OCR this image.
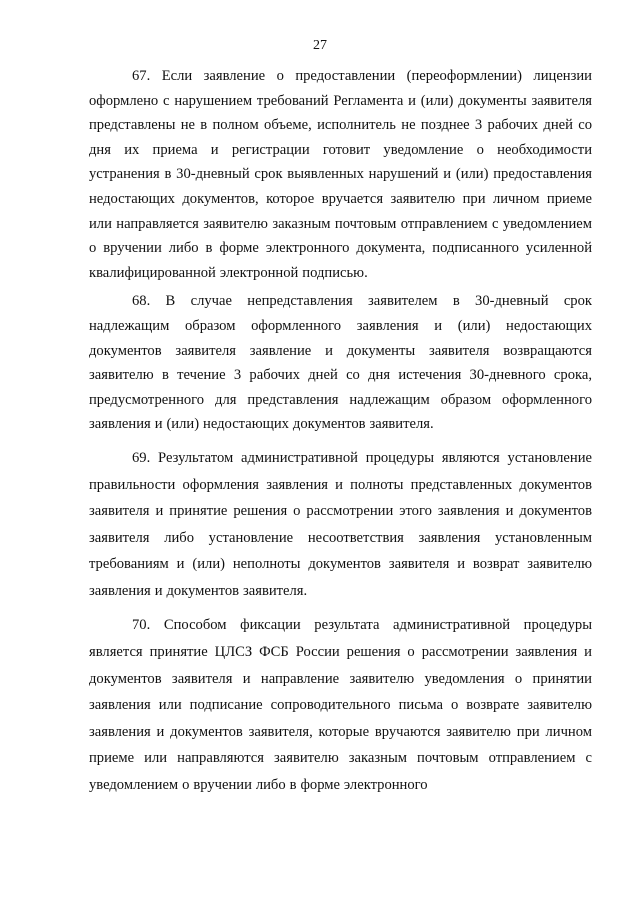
27

67. Если заявление о предоставлении (переоформлении) лицензии оформлено с нарушением требований Регламента и (или) документы заявителя представлены не в полном объеме, исполнитель не позднее 3 рабочих дней со дня их приема и регистрации готовит уведомление о необходимости устранения в 30-дневный срок выявленных нарушений и (или) предоставления недостающих документов, которое вручается заявителю при личном приеме или направляется заявителю заказным почтовым отправлением с уведомлением о вручении либо в форме электронного документа, подписанного усиленной квалифицированной электронной подписью.

68. В случае непредставления заявителем в 30-дневный срок надлежащим образом оформленного заявления и (или) недостающих документов заявителя заявление и документы заявителя возвращаются заявителю в течение 3 рабочих дней со дня истечения 30-дневного срока, предусмотренного для представления надлежащим образом оформленного заявления и (или) недостающих документов заявителя.

69. Результатом административной процедуры являются установление правильности оформления заявления и полноты представленных документов заявителя и принятие решения о рассмотрении этого заявления и документов заявителя либо установление несоответствия заявления установленным требованиям и (или) неполноты документов заявителя и возврат заявителю заявления и документов заявителя.

70. Способом фиксации результата административной процедуры является принятие ЦЛСЗ ФСБ России решения о рассмотрении заявления и документов заявителя и направление заявителю уведомления о принятии заявления или подписание сопроводительного письма о возврате заявителю заявления и документов заявителя, которые вручаются заявителю при личном приеме или направляются заявителю заказным почтовым отправлением с уведомлением о вручении либо в форме электронного
